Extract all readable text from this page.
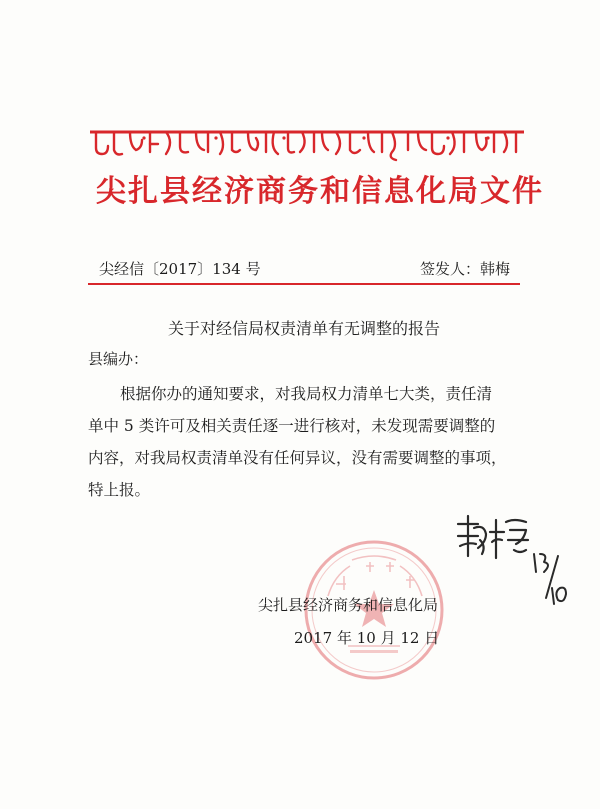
尖扎县经济商务和信息化局文件
尖经信〔2017〕134 号	签发人：韩梅
关于对经信局权责清单有无调整的报告
县编办：
根据你办的通知要求，对我局权力清单七大类，责任清
单中 5 类许可及相关责任逐一进行核对，未发现需要调整的
内容，对我局权责清单没有任何异议，没有需要调整的事项，
特上报。
尖扎县经济商务和信息化局
2017 年 10 月 12 日
